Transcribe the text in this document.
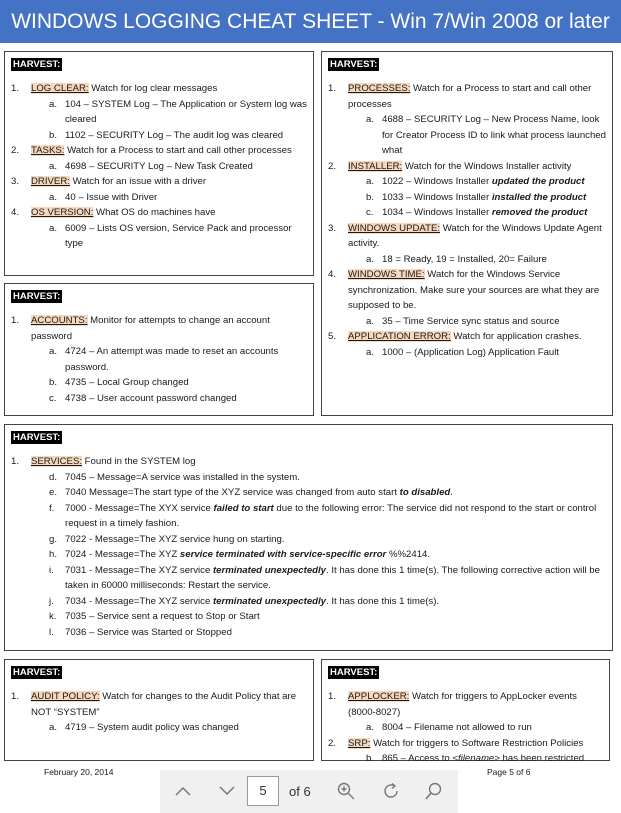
WINDOWS LOGGING CHEAT SHEET - Win 7/Win 2008 or later
HARVEST:
1.	LOG CLEAR: Watch for log clear messages
a. 104 – SYSTEM Log – The Application or System log was cleared
b. 1102 – SECURITY Log – The audit log was cleared
2.	TASKS: Watch for a Process to start and call other processes
a. 4698 – SECURITY Log – New Task Created
3.	DRIVER: Watch for an issue with a driver
a. 40 – Issue with Driver
4.	OS VERSION: What OS do machines have
a. 6009 – Lists OS version, Service Pack and processor type
HARVEST:
1.	ACCOUNTS: Monitor for attempts to change an account password
a. 4724 – An attempt was made to reset an accounts password.
b. 4735 – Local Group changed
c. 4738 – User account password changed
HARVEST:
1.	PROCESSES: Watch for a Process to start and call other processes
a. 4688 – SECURITY Log – New Process Name, look for Creator Process ID to link what process launched what
2.	INSTALLER: Watch for the Windows Installer activity
a. 1022 – Windows Installer updated the product
b. 1033 – Windows Installer installed the product
c. 1034 – Windows Installer removed the product
3.	WINDOWS UPDATE: Watch for the Windows Update Agent activity.
a. 18 = Ready, 19 = Installed, 20= Failure
4.	WINDOWS TIME: Watch for the Windows Service synchronization. Make sure your sources are what they are supposed to be.
a. 35 – Time Service sync status and source
5.	APPLICATION ERROR: Watch for application crashes.
a. 1000 – (Application Log) Application Fault
HARVEST:
1.	SERVICES: Found in the SYSTEM log
d. 7045 – Message=A service was installed in the system.
e. 7040 Message=The start type of the XYZ service was changed from auto start to disabled.
f.	7000 - Message=The XYX service failed to start due to the following error: The service did not respond to the start or control request in a timely fashion.
g. 7022 - Message=The XYZ service hung on starting.
h. 7024 - Message=The XYZ service terminated with service-specific error %%2414.
i.	7031 - Message=The XYZ service terminated unexpectedly. It has done this 1 time(s). The following corrective action will be taken in 60000 milliseconds: Restart the service.
j.	7034 - Message=The XYZ service terminated unexpectedly. It has done this 1 time(s).
k. 7035 – Service sent a request to Stop or Start
l.	7036 – Service was Started or Stopped
HARVEST:
1.	AUDIT POLICY: Watch for changes to the Audit Policy that are NOT “SYSTEM”
a. 4719 – System audit policy was changed
HARVEST:
1.	APPLOCKER: Watch for triggers to AppLocker events (8000-8027)
a. 8004 – Filename not allowed to run
2.	SRP: Watch for triggers to Software Restriction Policies
b. 865 – Access to <filename> has been restricted
February 20, 2014	Page 5 of 6
5	of 6
